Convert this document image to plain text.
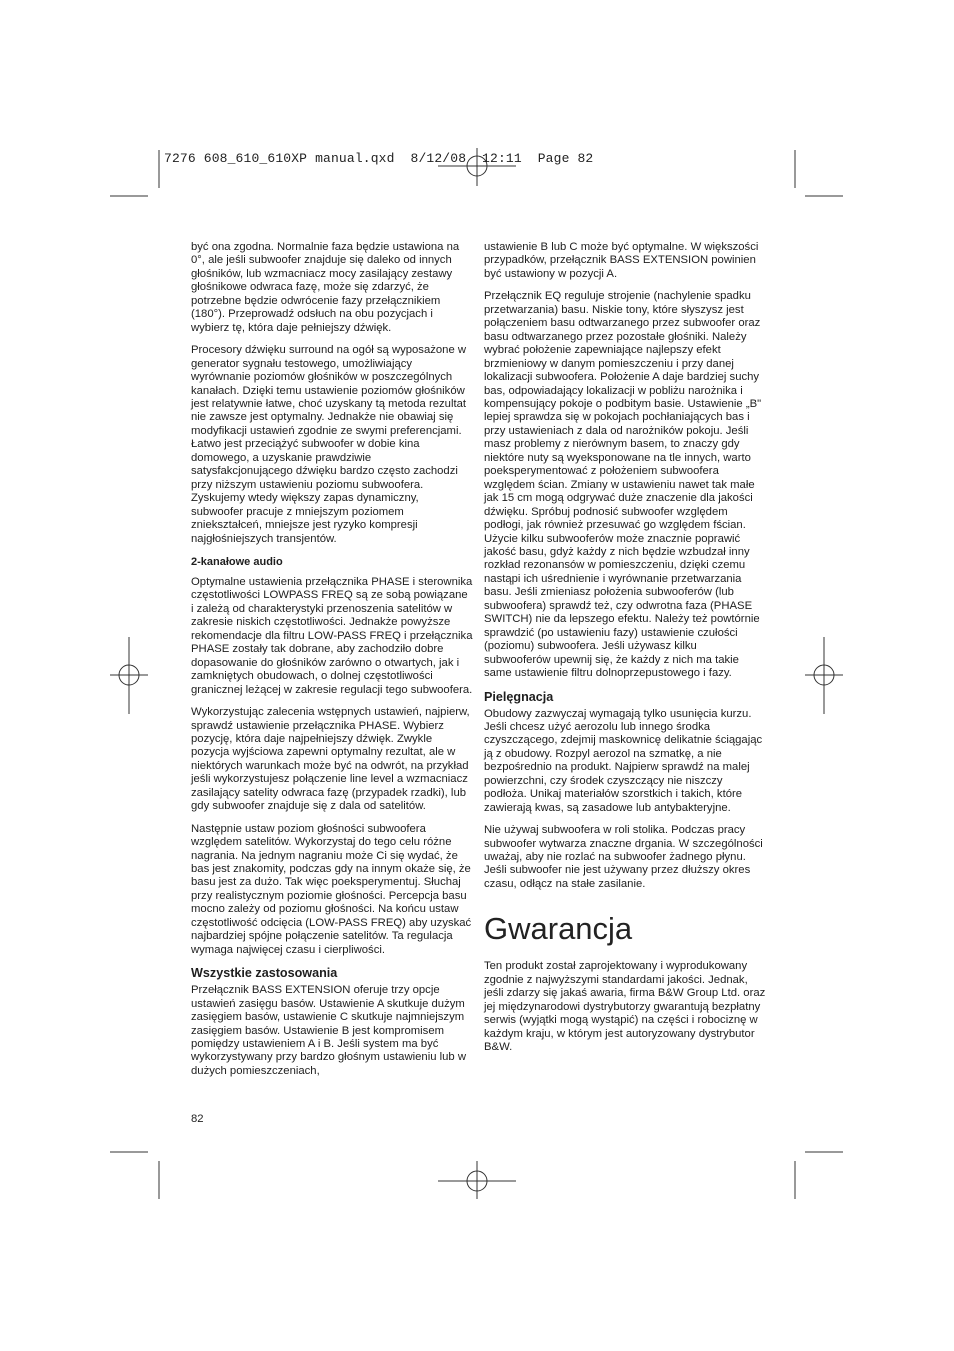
7276 608_610_610XP manual.qxd  8/12/08  12:11  Page 82

być ona zgodna. Normalnie faza będzie ustawiona na 0°, ale jeśli subwoofer znajduje się daleko od innych głośników, lub wzmacniacz mocy zasilający zestawy głośnikowe odwraca fazę, może się zdarzyć, że potrzebne będzie odwrócenie fazy przełącznikiem (180°). Przeprowadź odsłuch na obu pozycjach i wybierz tę, która daje pełniejszy dźwięk.

Procesory dźwięku surround na ogół są wyposażone w generator sygnału testowego, umożliwiający wyrównanie poziomów głośników w poszczególnych kanałach. Dzięki temu ustawienie poziomów głośników jest relatywnie łatwe, choć uzyskany tą metoda rezultat nie zawsze jest optymalny. Jednakże nie obawiaj się modyfikacji ustawień zgodnie ze swymi preferencjami. Łatwo jest przeciążyć subwoofer w dobie kina domowego, a uzyskanie prawdziwie satysfakcjonującego dźwięku bardzo często zachodzi przy niższym ustawieniu poziomu subwoofera. Zyskujemy wtedy większy zapas dynamiczny, subwoofer pracuje z mniejszym poziomem zniekształceń, mniejsze jest ryzyko kompresji najgłośniejszych transjentów.

2-kanałowe audio

Optymalne ustawienia przełącznika PHASE i sterownika częstotliwości LOWPASS FREQ są ze sobą powiązane i zależą od charakterystyki przenoszenia satelitów w zakresie niskich częstotliwości. Jednakże powyższe rekomendacje dla filtru LOW-PASS FREQ i przełącznika PHASE zostały tak dobrane, aby zachodziło dobre dopasowanie do głośników zarówno o otwartych, jak i zamkniętych obudowach, o dolnej częstotliwości granicznej leżącej w zakresie regulacji tego subwoofera.

Wykorzystując zalecenia wstępnych ustawień, najpierw, sprawdź ustawienie przełącznika PHASE. Wybierz pozycję, która daje najpełniejszy dźwięk. Zwykle pozycja wyjściowa zapewni optymalny rezultat, ale w niektórych warunkach może być na odwrót, na przykład jeśli wykorzystujesz połączenie line level a wzmacniacz zasilający satelity odwraca fazę (przypadek rzadki), lub gdy subwoofer znajduje się z dala od satelitów.

Następnie ustaw poziom głośności subwoofera względem satelitów. Wykorzystaj do tego celu różne nagrania. Na jednym nagraniu może Ci się wydać, że bas jest znakomity, podczas gdy na innym okaże się, że basu jest za dużo. Tak więc poeksperymentuj. Słuchaj przy realistycznym poziomie głośności. Percepcja basu mocno zależy od poziomu głośności. Na końcu ustaw częstotliwość odcięcia (LOW-PASS FREQ) aby uzyskać najbardziej spójne połączenie satelitów. Ta regulacja wymaga najwięcej czasu i cierpliwości.

Wszystkie zastosowania

Przełącznik BASS EXTENSION oferuje trzy opcje ustawień zasięgu basów. Ustawienie A skutkuje dużym zasięgiem basów, ustawienie C skutkuje najmniejszym zasięgiem basów. Ustawienie B jest kompromisem pomiędzy ustawieniem A i B. Jeśli system ma być wykorzystywany przy bardzo głośnym ustawieniu lub w dużych pomieszczeniach,

ustawienie B lub C może być optymalne. W większości przypadków, przełącznik BASS EXTENSION powinien być ustawiony w pozycji A.

Przełącznik EQ reguluje strojenie (nachylenie spadku przetwarzania) basu. Niskie tony, które słyszysz jest połączeniem basu odtwarzanego przez subwoofer oraz basu odtwarzanego przez pozostałe głośniki. Należy wybrać położenie zapewniające najlepszy efekt brzmieniowy w danym pomieszczeniu i przy danej lokalizacji subwoofera. Położenie A daje bardziej suchy bas, odpowiadający lokalizacji w pobliżu narożnika i kompensujący pokoje o podbitym basie. Ustawienie „B" lepiej sprawdza się w pokojach pochłaniających bas i przy ustawieniach z dala od narożników pokoju. Jeśli masz problemy z nierównym basem, to znaczy gdy niektóre nuty są wyeksponowane na tle innych, warto poeksperymentować z położeniem subwoofera względem ścian. Zmiany w ustawieniu nawet tak małe jak 15 cm mogą odgrywać duże znaczenie dla jakości dźwięku. Spróbuj podnosić subwoofer względem podłogi, jak również przesuwać go względem fścian. Użycie kilku subwooferów może znacznie poprawić jakość basu, gdyż każdy z nich będzie wzbudzał inny rozkład rezonansów w pomieszczeniu, dzięki czemu nastąpi ich uśrednienie i wyrównanie przetwarzania basu. Jeśli zmieniasz położenia subwooferów (lub subwoofera) sprawdź też, czy odwrotna faza (PHASE SWITCH) nie da lepszego efektu. Należy też powtórnie sprawdzić (po ustawieniu fazy) ustawienie czułości (poziomu) subwoofera. Jeśli używasz kilku subwooferów upewnij się, że każdy z nich ma takie same ustawienie filtru dolnoprzepustowego i fazy.

Pielęgnacja

Obudowy zazwyczaj wymagają tylko usunięcia kurzu. Jeśli chcesz użyć aerozolu lub innego środka czyszczącego, zdejmij maskownicę delikatnie ściągając ją z obudowy. Rozpyl aerozol na szmatkę, a nie bezpośrednio na produkt. Najpierw sprawdź na malej powierzchni, czy środek czyszczący nie niszczy podłoża. Unikaj materiałów szorstkich i takich, które zawierają kwas, są zasadowe lub antybakteryjne.

Nie używaj subwoofera w roli stolika. Podczas pracy subwoofer wytwarza znaczne drgania. W szczególności uważaj, aby nie rozlać na subwoofer żadnego płynu. Jeśli subwoofer nie jest używany przez dłuższy okres czasu, odłącz na stałe zasilanie.

Gwarancja

Ten produkt został zaprojektowany i wyprodukowany zgodnie z najwyższymi standardami jakości. Jednak, jeśli zdarzy się jakaś awaria, firma B&W Group Ltd. oraz jej międzynarodowi dystrybutorzy gwarantują bezpłatny serwis (wyjątki mogą wystąpić) na części i robociznę w każdym kraju, w którym jest autoryzowany dystrybutor B&W.

82
